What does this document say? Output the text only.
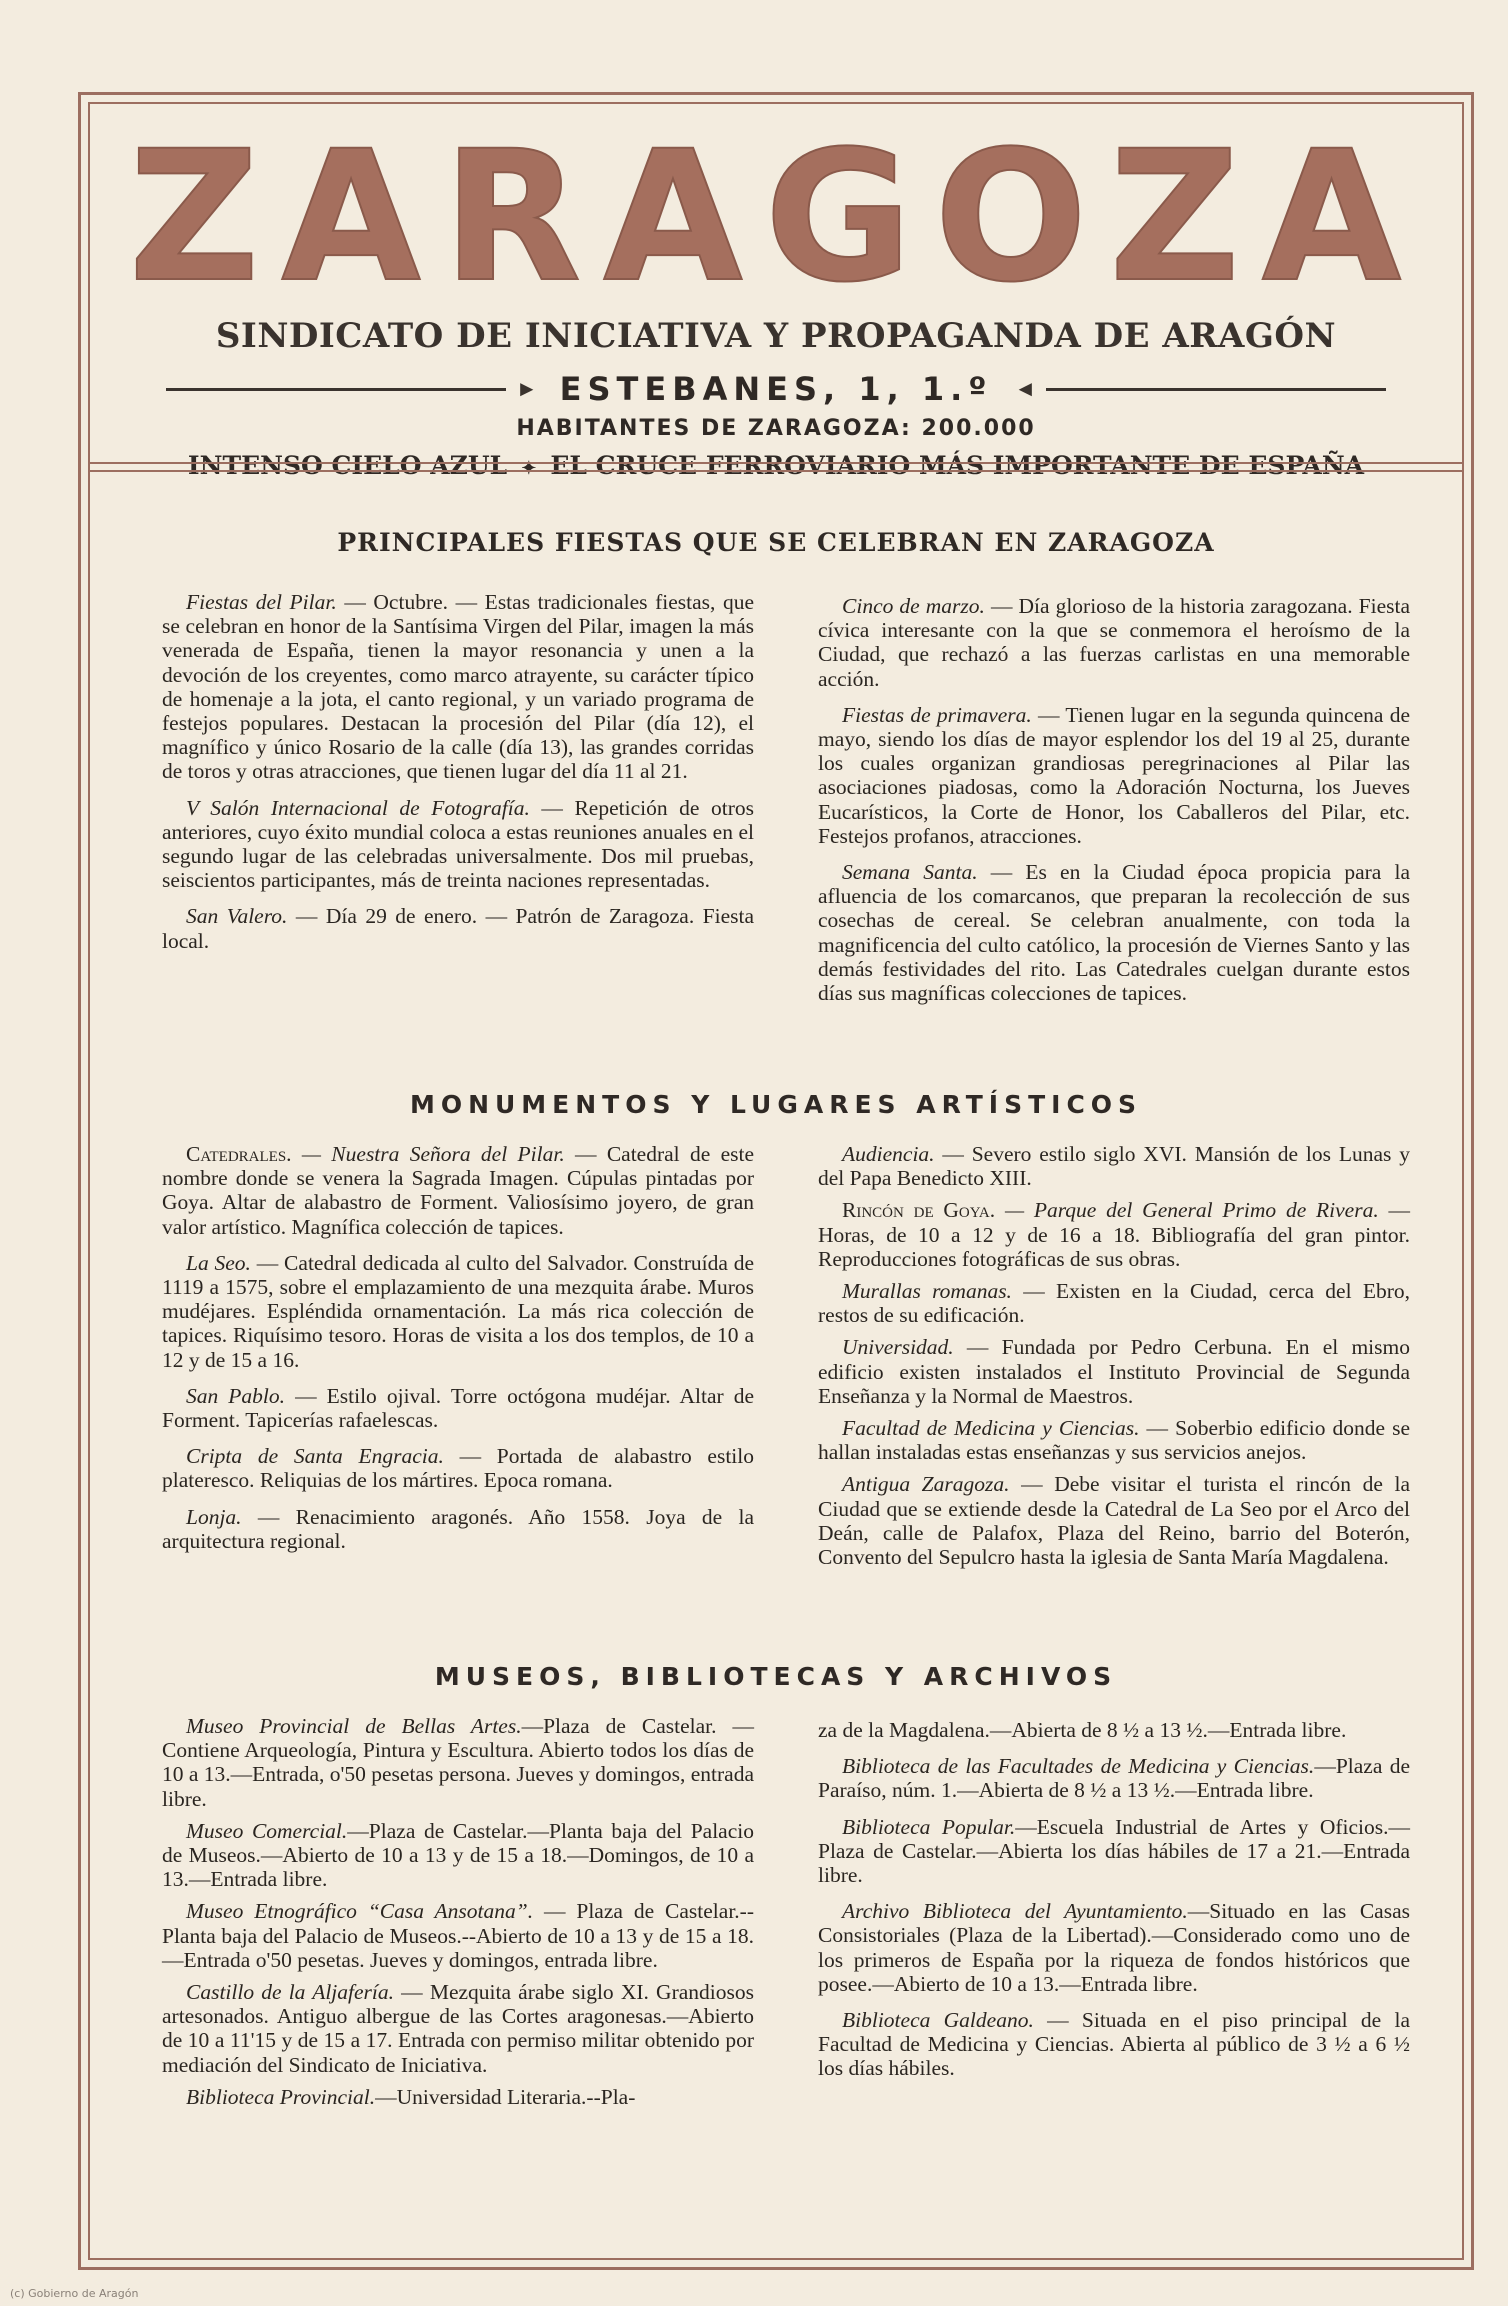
ZARAGOZA
SINDICATO DE INICIATIVA Y PROPAGANDA DE ARAGÓN
► ESTEBANES, 1, 1.º	◄
HABITANTES DE ZARAGOZA: 200.000
INTENSO CIELO AZUL ✦ EL CRUCE FERROVIARIO MÁS IMPORTANTE DE ESPAÑA
PRINCIPALES FIESTAS QUE SE CELEBRAN EN ZARAGOZA

Fiestas del Pilar. — Octubre. — Estas tradicionales fiestas, que se celebran en honor de la Santísima Virgen del Pilar, imagen la más venerada de España, tienen la mayor resonancia y unen a la devoción de los creyentes, como marco atrayente, su carácter típico de homenaje a la jota, el canto regional, y un variado programa de festejos populares. Destacan la procesión del Pilar (día 12), el magnífico y único Rosario de la calle (día 13), las grandes corridas de toros y otras atracciones, que tienen lugar del día 11 al 21.

V Salón Internacional de Fotografía. — Repetición de otros anteriores, cuyo éxito mundial coloca a estas reuniones anuales en el segundo lugar de las celebradas universalmente. Dos mil pruebas, seiscientos participantes, más de treinta naciones representadas.

San Valero. — Día 29 de enero. — Patrón de Zaragoza. Fiesta local.

Cinco de marzo. — Día glorioso de la historia zaragozana. Fiesta cívica interesante con la que se conmemora el heroísmo de la Ciudad, que rechazó a las fuerzas carlistas en una memorable acción.

Fiestas de primavera. — Tienen lugar en la segunda quincena de mayo, siendo los días de mayor esplendor los del 19 al 25, durante los cuales organizan grandiosas peregrinaciones al Pilar las asociaciones piadosas, como la Adoración Nocturna, los Jueves Eucarísticos, la Corte de Honor, los Caballeros del Pilar, etc. Festejos profanos, atracciones.

Semana Santa. — Es en la Ciudad época propicia para la afluencia de los comarcanos, que preparan la recolección de sus cosechas de cereal. Se celebran anualmente, con toda la magnificencia del culto católico, la procesión de Viernes Santo y las demás festividades del rito. Las Catedrales cuelgan durante estos días sus magníficas colecciones de tapices.

MONUMENTOS Y LUGARES ARTÍSTICOS

Catedrales. — Nuestra Señora del Pilar. — Catedral de este nombre donde se venera la Sagrada Imagen. Cúpulas pintadas por Goya. Altar de alabastro de Forment. Valiosísimo joyero, de gran valor artístico. Magnífica colección de tapices.

La Seo. — Catedral dedicada al culto del Salvador. Construída de 1119 a 1575, sobre el emplazamiento de una mezquita árabe. Muros mudéjares. Espléndida ornamentación. La más rica colección de tapices. Riquísimo tesoro. Horas de visita a los dos templos, de 10 a 12 y de 15 a 16.

San Pablo. — Estilo ojival. Torre octógona mudéjar. Altar de Forment. Tapicerías rafaelescas.

Cripta de Santa Engracia. — Portada de alabastro estilo plateresco. Reliquias de los mártires. Epoca romana.

Lonja. — Renacimiento aragonés. Año 1558. Joya de la arquitectura regional.

Audiencia. — Severo estilo siglo XVI. Mansión de los Lunas y del Papa Benedicto XIII.

Rincón de Goya. — Parque del General Primo de Rivera. — Horas, de 10 a 12 y de 16 a 18. Bibliografía del gran pintor. Reproducciones fotográficas de sus obras.

Murallas romanas. — Existen en la Ciudad, cerca del Ebro, restos de su edificación.

Universidad. — Fundada por Pedro Cerbuna. En el mismo edificio existen instalados el Instituto Provincial de Segunda Enseñanza y la Normal de Maestros.

Facultad de Medicina y Ciencias. — Soberbio edificio donde se hallan instaladas estas enseñanzas y sus servicios anejos.

Antigua Zaragoza. — Debe visitar el turista el rincón de la Ciudad que se extiende desde la Catedral de La Seo por el Arco del Deán, calle de Palafox, Plaza del Reino, barrio del Boterón, Convento del Sepulcro hasta la iglesia de Santa María Magdalena.

MUSEOS, BIBLIOTECAS Y ARCHIVOS

Museo Provincial de Bellas Artes.—Plaza de Castelar. — Contiene Arqueología, Pintura y Escultura. Abierto todos los días de 10 a 13.—Entrada, o'50 pesetas persona. Jueves y domingos, entrada libre.

Museo Comercial.—Plaza de Castelar.—Planta baja del Palacio de Museos.—Abierto de 10 a 13 y de 15 a 18.—Domingos, de 10 a 13.—Entrada libre.

Museo Etnográfico “Casa Ansotana”. — Plaza de Castelar.--Planta baja del Palacio de Museos.--Abierto de 10 a 13 y de 15 a 18.—Entrada o'50 pesetas. Jueves y domingos, entrada libre.

Castillo de la Aljafería. — Mezquita árabe siglo XI. Grandiosos artesonados. Antiguo albergue de las Cortes aragonesas.—Abierto de 10 a 11'15 y de 15 a 17. Entrada con permiso militar obtenido por mediación del Sindicato de Iniciativa.

Biblioteca Provincial.—Universidad Literaria.--Pla-

za de la Magdalena.—Abierta de 8 ½ a 13 ½.—Entrada libre.

Biblioteca de las Facultades de Medicina y Ciencias.—Plaza de Paraíso, núm. 1.—Abierta de 8 ½ a 13 ½.—Entrada libre.

Biblioteca Popular.—Escuela Industrial de Artes y Oficios.—Plaza de Castelar.—Abierta los días hábiles de 17 a 21.—Entrada libre.

Archivo Biblioteca del Ayuntamiento.—Situado en las Casas Consistoriales (Plaza de la Libertad).—Considerado como uno de los primeros de España por la riqueza de fondos históricos que posee.—Abierto de 10 a 13.—Entrada libre.

Biblioteca Galdeano. — Situada en el piso principal de la Facultad de Medicina y Ciencias. Abierta al público de 3 ½ a 6 ½ los días hábiles.

(c) Gobierno de Aragón
